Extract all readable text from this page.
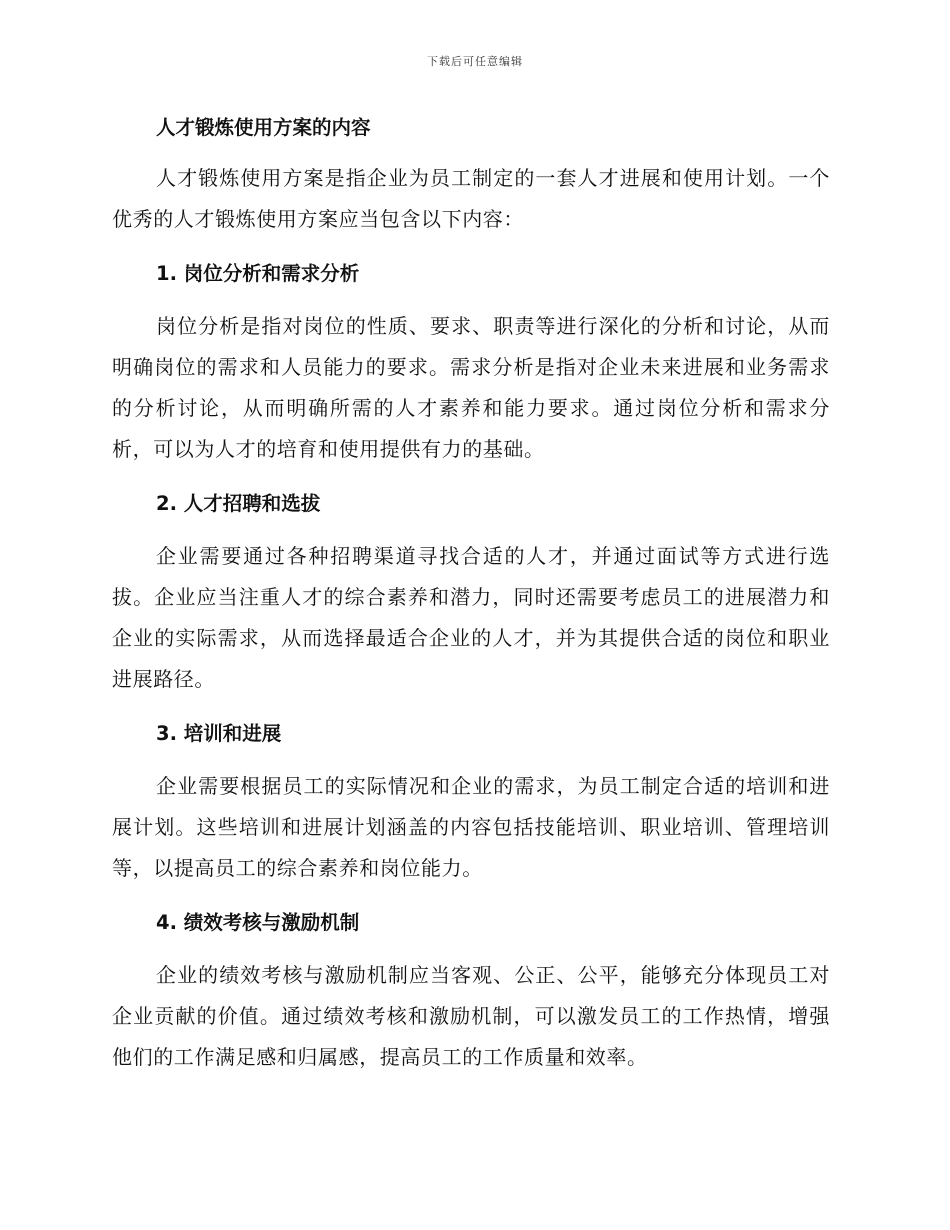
下载后可任意编辑
人才锻炼使用方案的内容

人才锻炼使用方案是指企业为员工制定的一套人才进展和使用计划。一个优秀的人才锻炼使用方案应当包含以下内容：

1. 岗位分析和需求分析

岗位分析是指对岗位的性质、要求、职责等进行深化的分析和讨论，从而明确岗位的需求和人员能力的要求。需求分析是指对企业未来进展和业务需求的分析讨论，从而明确所需的人才素养和能力要求。通过岗位分析和需求分析，可以为人才的培育和使用提供有力的基础。

2. 人才招聘和选拔

企业需要通过各种招聘渠道寻找合适的人才，并通过面试等方式进行选拔。企业应当注重人才的综合素养和潜力，同时还需要考虑员工的进展潜力和企业的实际需求，从而选择最适合企业的人才，并为其提供合适的岗位和职业进展路径。

3. 培训和进展

企业需要根据员工的实际情况和企业的需求，为员工制定合适的培训和进展计划。这些培训和进展计划涵盖的内容包括技能培训、职业培训、管理培训等，以提高员工的综合素养和岗位能力。

4. 绩效考核与激励机制

企业的绩效考核与激励机制应当客观、公正、公平，能够充分体现员工对企业贡献的价值。通过绩效考核和激励机制，可以激发员工的工作热情，增强他们的工作满足感和归属感，提高员工的工作质量和效率。
